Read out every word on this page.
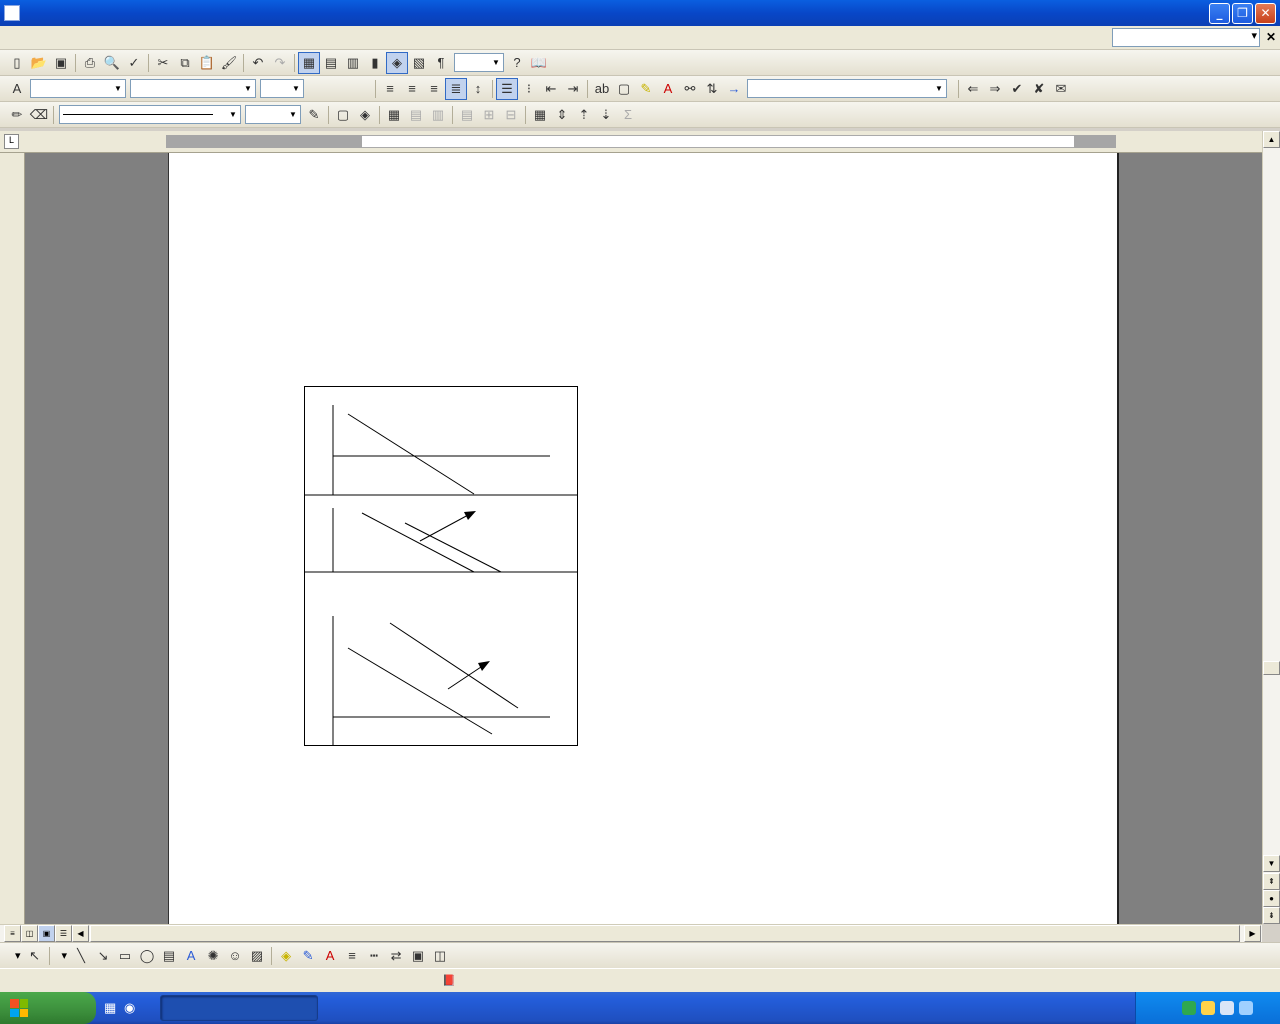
_	❐	✕
▾ ✕
▯ 📂 ▣	⎙ 🔍 ✓	✂ ⧉ 📋 🖌	↶ ↷	▦ ▤ ▥ ▮	◈ ▧ ¶	▼	? 📖
A	▼	▼	▼	≡	≡	≡ ≣	↕	☰	⁝	⇤ ⇥	ab ▢ ✎ A ⚯ ⇅ →	▼	⇐ ⇒ ✔ ✘ ✉
✏ ⌫	▼	▼ ✎	▢ ◈	▦ ▤ ▥	▤ ⊞ ⊟	▦ ⇕ ⇡ ⇣ Σ
L	▲
▼
⇞
●
⇟
≡	◫	▣	☰	◀	▶
▾ ↖	▾ ╲ ↘ ▭ ◯ ▤ A ✺ ☺ ▨	◈ ✎ A	≡	┅ ⇄ ▣ ◫
📕
▦ ◉
